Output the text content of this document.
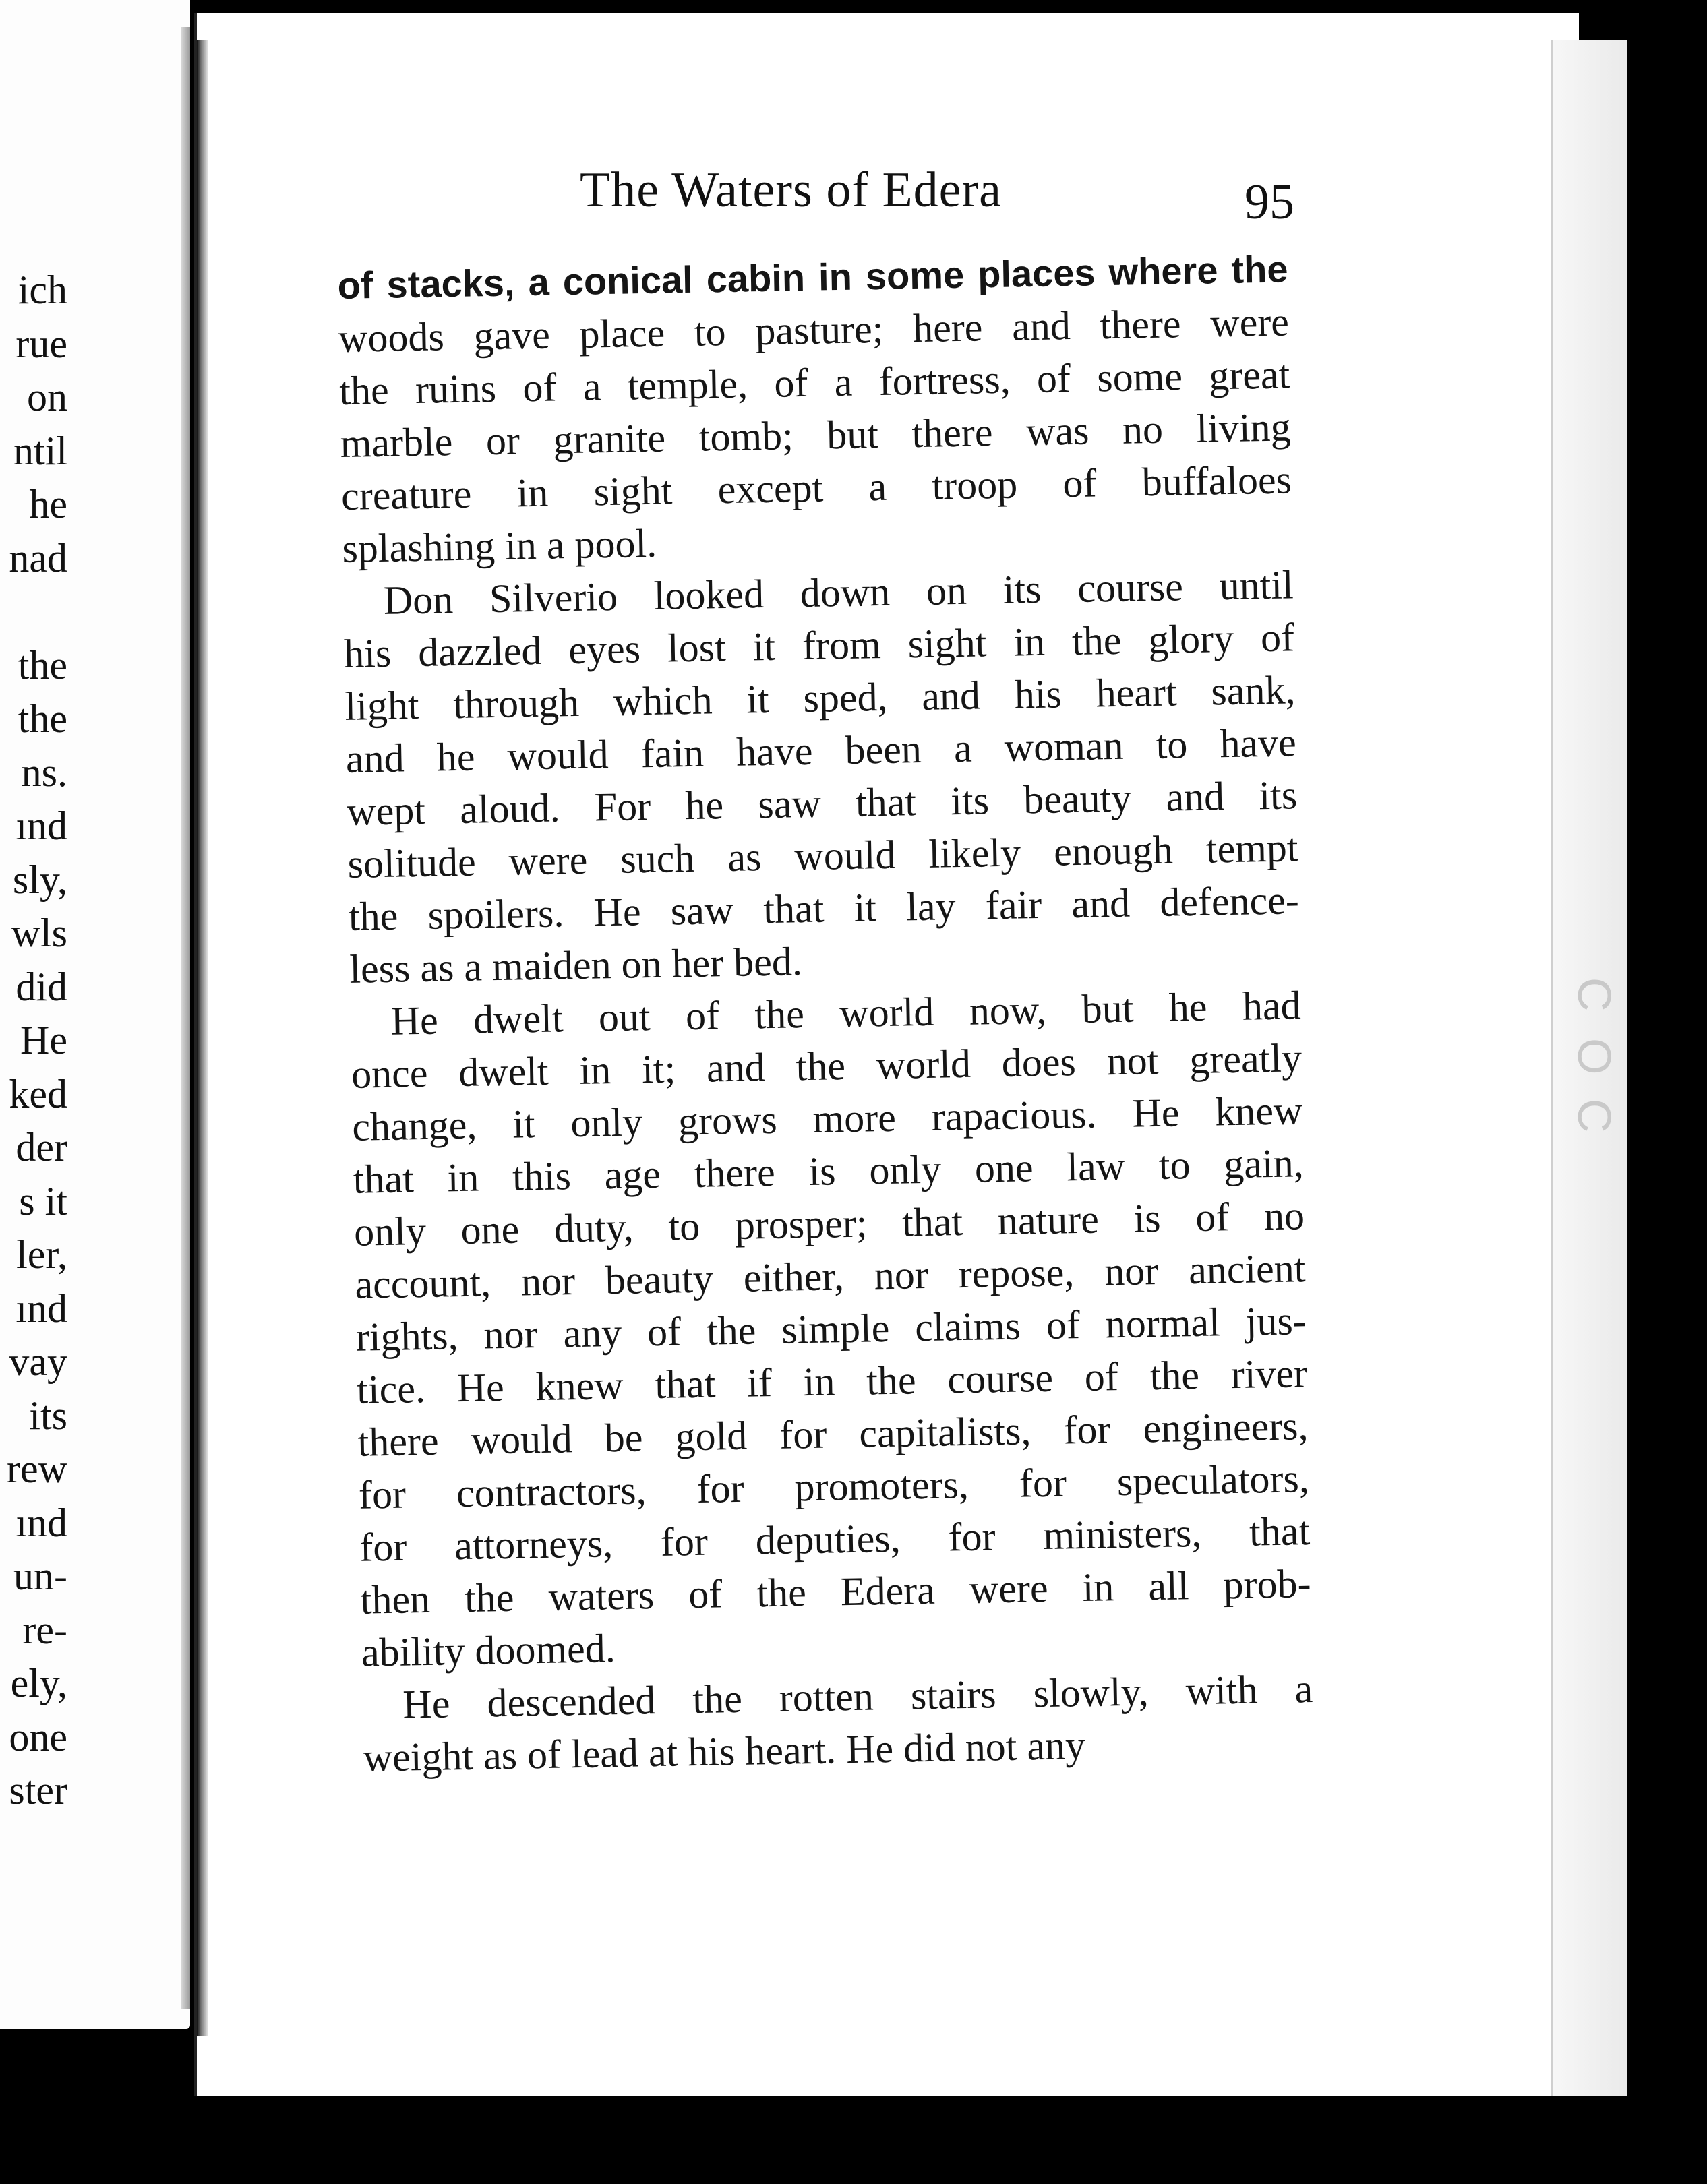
ich
rue
on
ntil
he
nad
the
the
ns.
ınd
sly,
wls
did
He
ked
der
s it
ler,
ınd
vay
its
rew
ınd
un-
re-
ely,
one
ster
C
O
C
The Waters of Edera	95
of stacks, a conical cabin in some places where the
woods gave place to pasture; here and there were
the ruins of a temple, of a fortress, of some great
marble or granite tomb; but there was no living
creature in sight except a troop of buffaloes
splashing in a pool.
Don Silverio looked down on its course until
his dazzled eyes lost it from sight in the glory of
light through which it sped, and his heart sank,
and he would fain have been a woman to have
wept aloud. For he saw that its beauty and its
solitude were such as would likely enough tempt
the spoilers. He saw that it lay fair and defence-
less as a maiden on her bed.
He dwelt out of the world now, but he had
once dwelt in it; and the world does not greatly
change, it only grows more rapacious. He knew
that in this age there is only one law to gain,
only one duty, to prosper; that nature is of no
account, nor beauty either, nor repose, nor ancient
rights, nor any of the simple claims of normal jus-
tice. He knew that if in the course of the river
there would be gold for capitalists, for engineers,
for contractors, for promoters, for speculators,
for attorneys, for deputies, for ministers, that
then the waters of the Edera were in all prob-
ability doomed.
He descended the rotten stairs slowly, with a
weight as of lead at his heart. He did not any
